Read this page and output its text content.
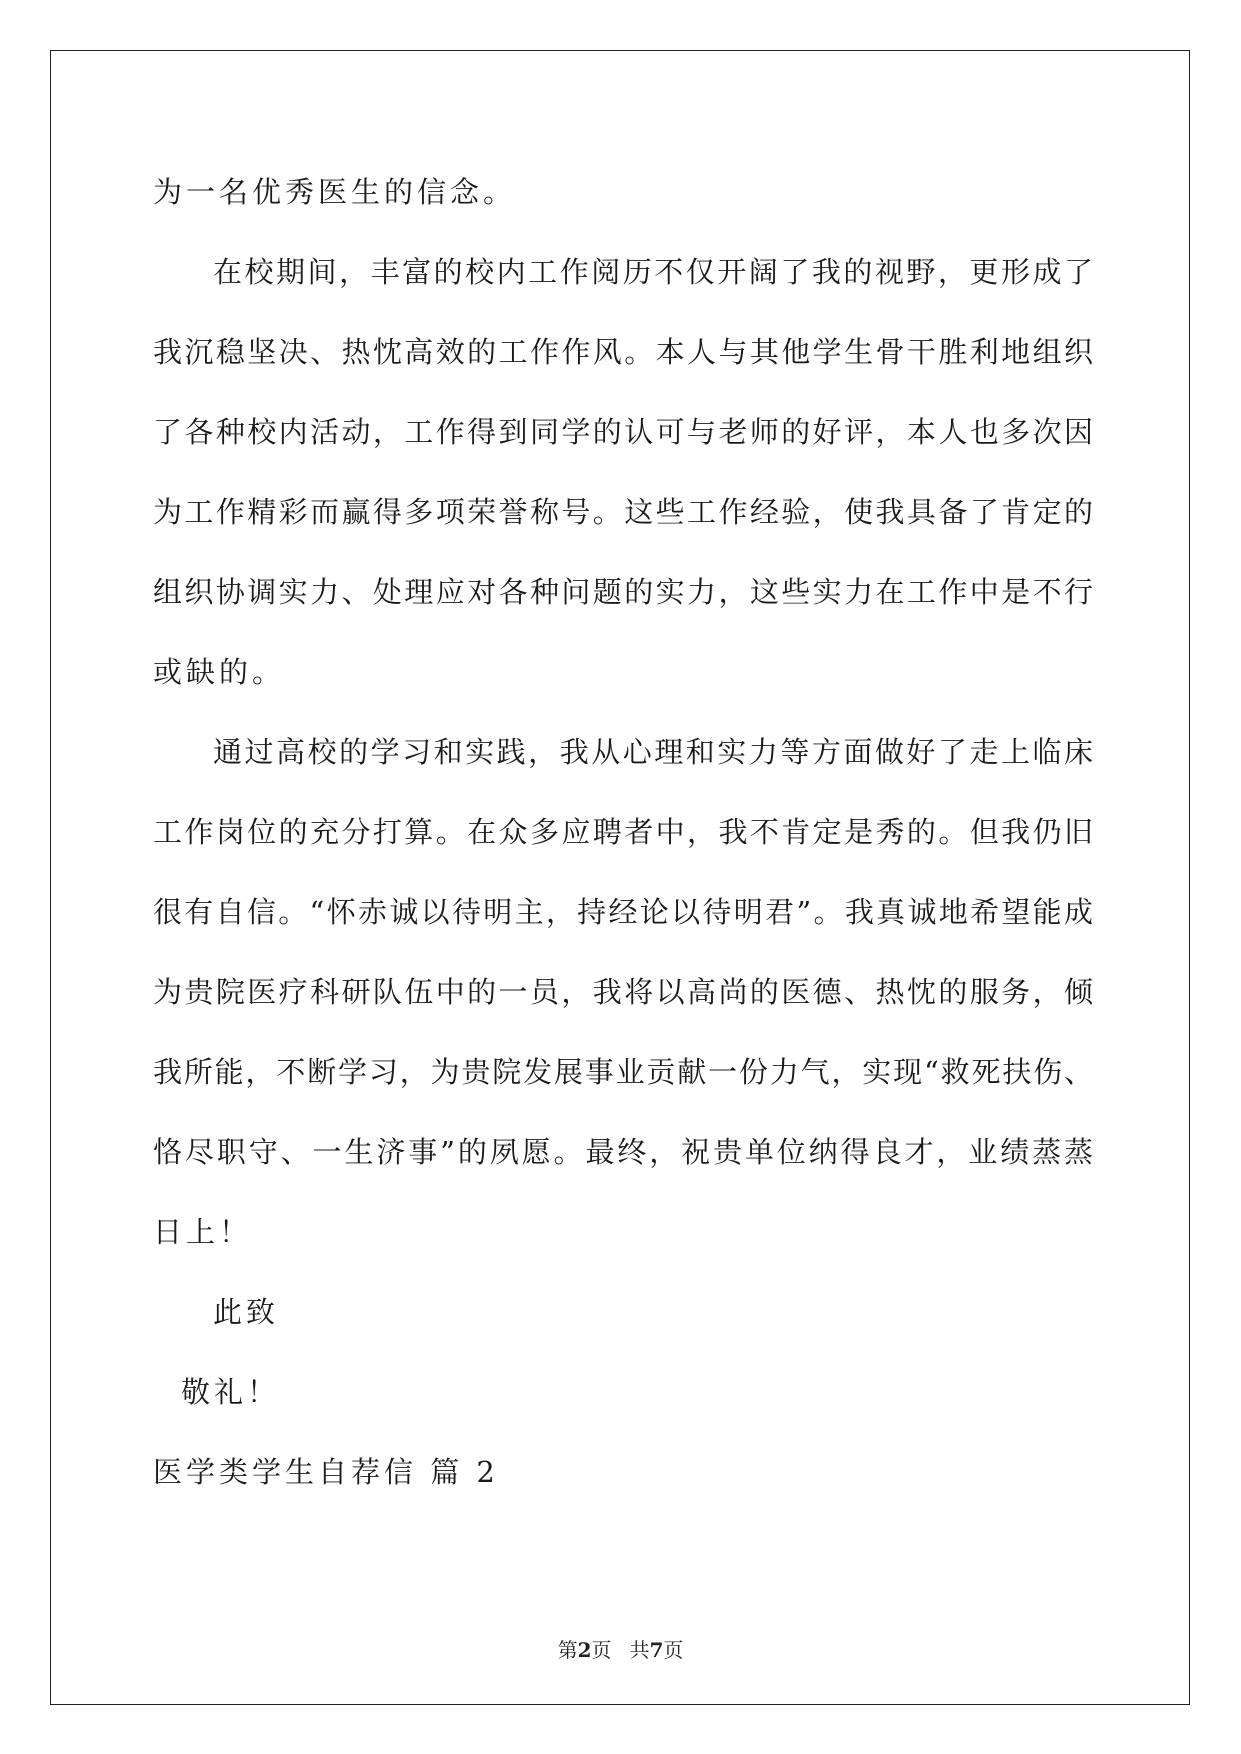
为一名优秀医生的信念。
在校期间，丰富的校内工作阅历不仅开阔了我的视野，更形成了
我沉稳坚决、热忱高效的工作作风。本人与其他学生骨干胜利地组织
了各种校内活动，工作得到同学的认可与老师的好评，本人也多次因
为工作精彩而赢得多项荣誉称号。这些工作经验，使我具备了肯定的
组织协调实力、处理应对各种问题的实力，这些实力在工作中是不行
或缺的。
通过高校的学习和实践，我从心理和实力等方面做好了走上临床
工作岗位的充分打算。在众多应聘者中，我不肯定是秀的。但我仍旧
很有自信。“怀赤诚以待明主，持经论以待明君”。我真诚地希望能成
为贵院医疗科研队伍中的一员，我将以高尚的医德、热忱的服务，倾
我所能，不断学习，为贵院发展事业贡献一份力气，实现“救死扶伤、
恪尽职守、一生济事”的夙愿。最终，祝贵单位纳得良才，业绩蒸蒸
日上！
此致
敬礼！
医学类学生自荐信 篇 2
第2页 共7页
